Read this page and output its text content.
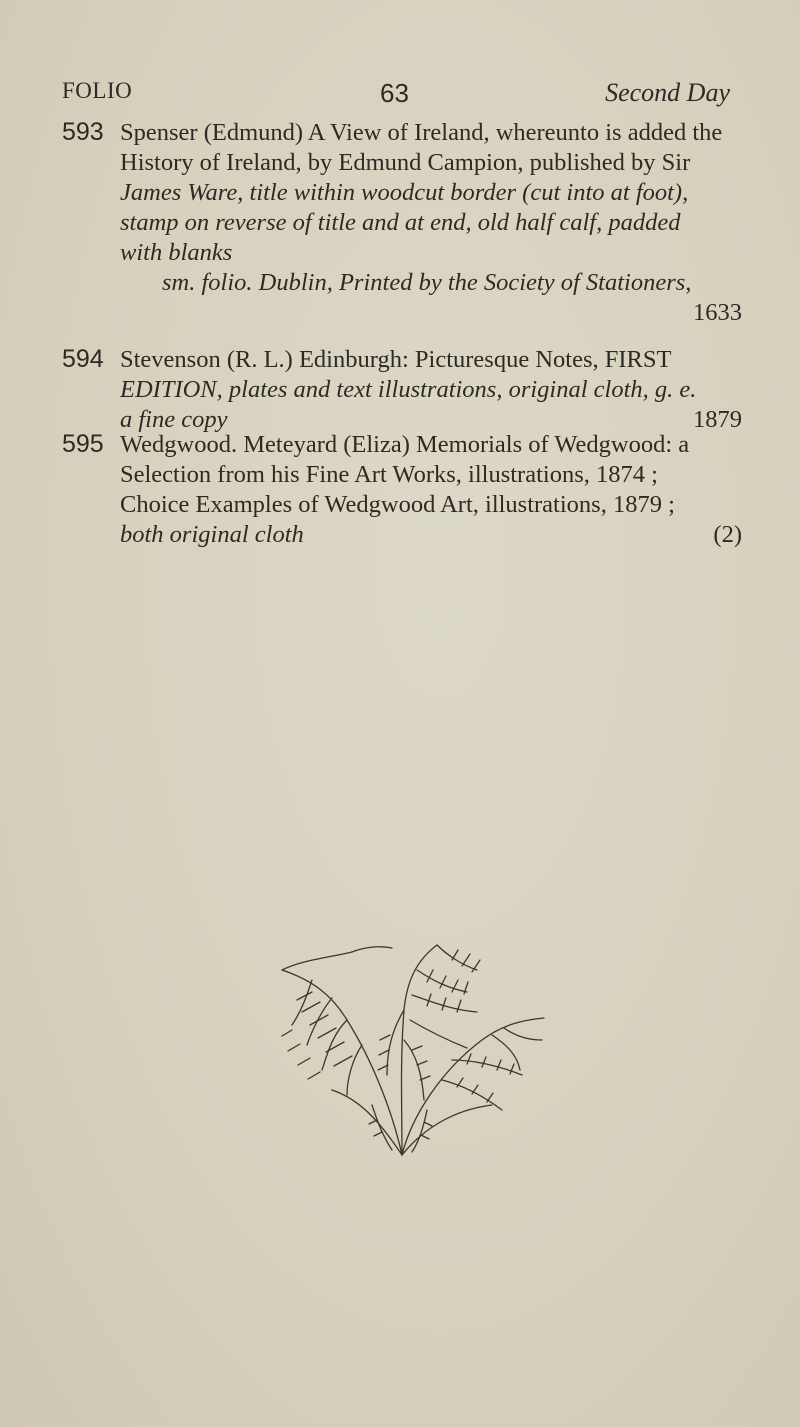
FOLIO	63	Second Day
593 Spenser (Edmund) A View of Ireland, whereunto is added the
History of Ireland, by Edmund Campion, published by Sir
James Ware, title within woodcut border (cut into at foot),
stamp on reverse of title and at end, old half calf, padded
with blanks
sm. folio. Dublin, Printed by the Society of Stationers,
1633
594 Stevenson (R. L.) Edinburgh: Picturesque Notes, FIRST
EDITION, plates and text illustrations, original cloth, g. e.
a fine copy	1879
595 Wedgwood. Meteyard (Eliza) Memorials of Wedgwood: a
Selection from his Fine Art Works, illustrations, 1874 ;
Choice Examples of Wedgwood Art, illustrations, 1879 ;
both original cloth	(2)
